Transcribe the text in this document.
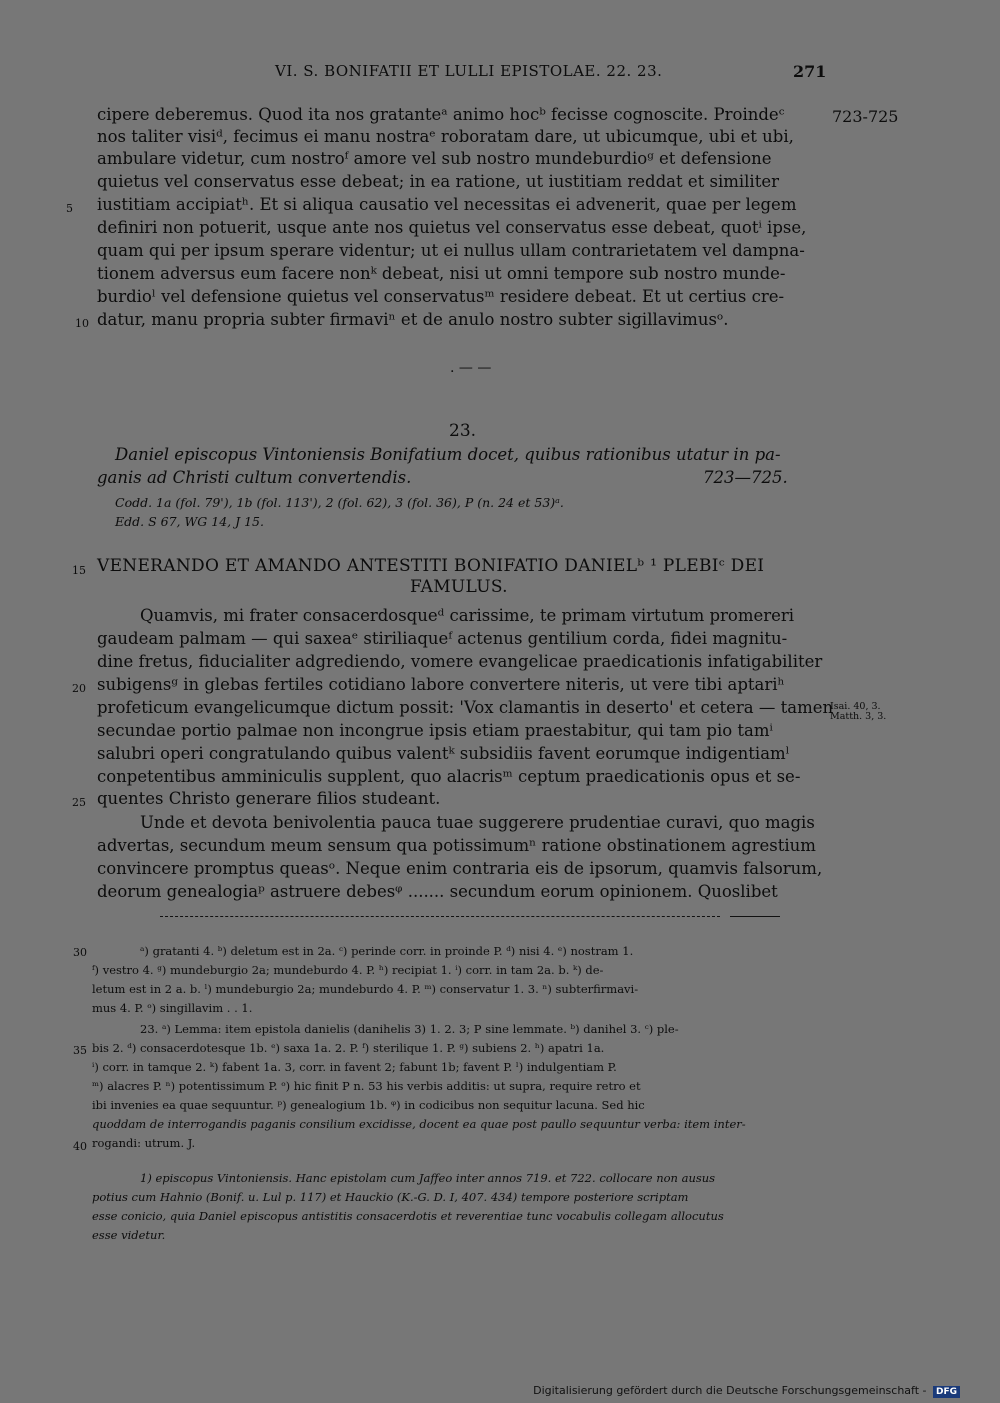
VI. S. BONIFATII ET LULLI EPISTOLAE. 22. 23.	271
723-725
cipere deberemus. Quod ita nos gratanteᵃ animo hocᵇ fecisse cognoscite. Proindeᶜ
nos taliter visiᵈ, fecimus ei manu nostraᵉ roboratam dare, ut ubicumque, ubi et ubi,
ambulare videtur, cum nostroᶠ amore vel sub nostro mundeburdioᵍ et defensione
quietus vel conservatus esse debeat; in ea ratione, ut iustitiam reddat et similiter
5 iustitiam accipiatʰ. Et si aliqua causatio vel necessitas ei advenerit, quae per legem
definiri non potuerit, usque ante nos quietus vel conservatus esse debeat, quotⁱ ipse,
quam qui per ipsum sperare videntur; ut ei nullus ullam contrarietatem vel dampna-
tionem adversus eum facere nonᵏ debeat, nisi ut omni tempore sub nostro munde-
burdioˡ vel defensione quietus vel conservatusᵐ residere debeat. Et ut certius cre-
10 datur, manu propria subter firmaviⁿ et de anulo nostro subter sigillavimusᵒ.
. — —
23.
Daniel episcopus Vintoniensis Bonifatium docet, quibus rationibus utatur in pa-
ganis ad Christi cultum convertendis.	723—725.
Codd. 1a (fol. 79'), 1b (fol. 113'), 2 (fol. 62), 3 (fol. 36), P (n. 24 et 53)ᵃ.
Edd. S 67, WG 14, J 15.
15 VENERANDO ET AMANDO ANTESTITI BONIFATIO DANIELᵇ ¹ PLEBIᶜ DEI
FAMULUS.
Quamvis, mi frater consacerdosqueᵈ carissime, te primam virtutum promereri
gaudeam palmam — qui saxeaᵉ stiriliaqueᶠ actenus gentilium corda, fidei magnitu-
dine fretus, fiducialiter adgrediendo, vomere evangelicae praedicationis infatigabiliter
20 subigensᵍ in glebas fertiles cotidiano labore convertere niteris, ut vere tibi aptariʰ
profeticum evangelicumque dictum possit: 'Vox clamantis in deserto' et cetera — tamen
Isai. 40, 3.
Matth. 3, 3.
secundae portio palmae non incongrue ipsis etiam praestabitur, qui tam pio tamⁱ
salubri operi congratulando quibus valentᵏ subsidiis favent eorumque indigentiamˡ
conpetentibus amminiculis supplent, quo alacrisᵐ ceptum praedicationis opus et se-
25 quentes Christo generare filios studeant.
Unde et devota benivolentia pauca tuae suggerere prudentiae curavi, quo magis
advertas, secundum meum sensum qua potissimumⁿ ratione obstinationem agrestium
convincere promptus queasᵒ. Neque enim contraria eis de ipsorum, quamvis falsorum,
deorum genealogiaᵖ astruere debesᵠ ....... secundum eorum opinionem. Quoslibet
30	ᵃ) gratanti 4. ᵇ) deletum est in 2a. ᶜ) perinde corr. in proinde P. ᵈ) nisi 4. ᵉ) nostram 1.
ᶠ) vestro 4. ᵍ) mundeburgio 2a; mundeburdo 4. P. ʰ) recipiat 1. ⁱ) corr. in tam 2a. b. ᵏ) de-
letum est in 2 a. b. ˡ) mundeburgio 2a; mundeburdo 4. P. ᵐ) conservatur 1. 3. ⁿ) subterfirmavi-
mus 4. P. ᵒ) singillavim . . 1.
23. ᵃ) Lemma: item epistola danielis (danihelis 3) 1. 2. 3; P sine lemmate. ᵇ) danihel 3. ᶜ) ple-
35 bis 2. ᵈ) consacerdotesque 1b. ᵉ) saxa 1a. 2. P. ᶠ) sterilique 1. P. ᵍ) subiens 2. ʰ) apatri 1a.
ⁱ) corr. in tamque 2. ᵏ) fabent 1a. 3, corr. in favent 2; fabunt 1b; favent P. ˡ) indulgentiam P.
ᵐ) alacres P. ⁿ) potentissimum P. ᵒ) hic finit P n. 53 his verbis additis: ut supra, require retro et
ibi invenies ea quae sequuntur. ᵖ) genealogium 1b. ᵠ) in codicibus non sequitur lacuna. Sed hic
quoddam de interrogandis paganis consilium excidisse, docent ea quae post paullo sequuntur verba: item inter-
40 rogandi: utrum. J.
1) episcopus Vintoniensis. Hanc epistolam cum Jaffeo inter annos 719. et 722. collocare non ausus
potius cum Hahnio (Bonif. u. Lul p. 117) et Hauckio (K.-G. D. I, 407. 434) tempore posteriore scriptam
esse conicio, quia Daniel episcopus antistitis consacerdotis et reverentiae tunc vocabulis collegam allocutus
esse videtur.
Digitalisierung gefördert durch die Deutsche Forschungsgemeinschaft - DFG
